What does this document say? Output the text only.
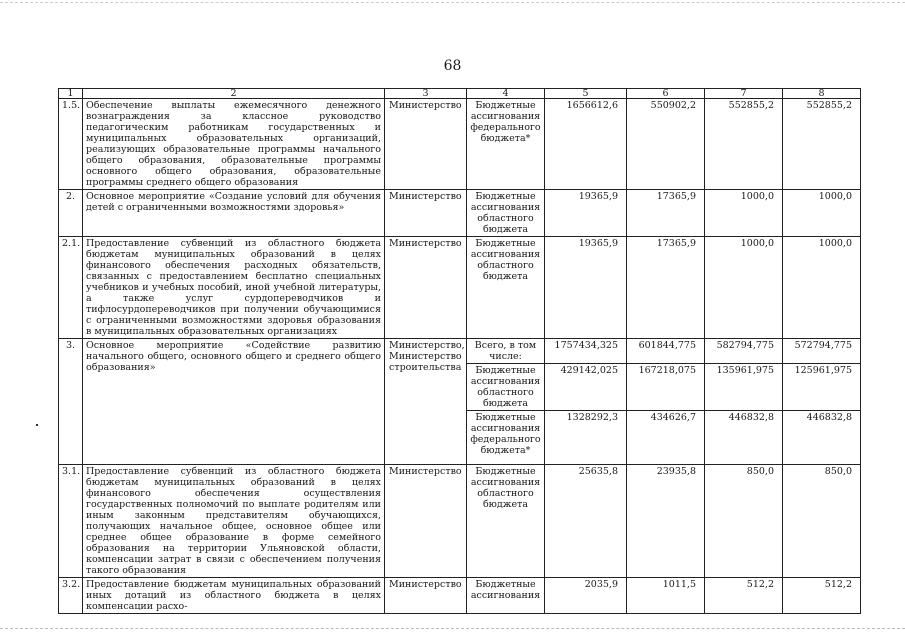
68
1	2	3	4	5	6	7	8
1.5.	Обеспечение выплаты ежемесячного денежного вознаграждения за классное руководство педагогическим работникам государственных и муниципальных образовательных организаций, реализующих образовательные программы начального общего образования, образовательные программы основного общего образования, образовательные программы среднего общего образования	Министерство	Бюджетные ассигнования федерального бюджета*	1656612,6	550902,2	552855,2	552855,2
2.	Основное мероприятие «Создание условий для обучения детей с ограниченными возможностями здоровья»	Министерство	Бюджетные ассигнования областного бюджета	19365,9	17365,9	1000,0	1000,0
2.1.	Предоставление субвенций из областного бюджета бюджетам муниципальных образований в целях финансового обеспечения расходных обязательств, связанных с предоставлением бесплатно специальных учебников и учебных пособий, иной учебной литературы, а также услуг сурдопереводчиков и тифлосурдопереводчиков при получении обучающимися с ограниченными возможностями здоровья образования в муниципальных образовательных организациях	Министерство	Бюджетные ассигнования областного бюджета	19365,9	17365,9	1000,0	1000,0
3.	Основное мероприятие «Содействие развитию начального общего, основного общего и среднего общего образования»	Министерство, Министерство строительства	Всего, в том числе:	1757434,325	601844,775	582794,775	572794,775
			Бюджетные ассигнования областного бюджета	429142,025	167218,075	135961,975	125961,975
			Бюджетные ассигнования федерального бюджета*	1328292,3	434626,7	446832,8	446832,8
3.1.	Предоставление субвенций из областного бюджета бюджетам муниципальных образований в целях финансового обеспечения осуществления государственных полномочий по выплате родителям или иным законным представителям обучающихся, получающих начальное общее, основное общее или среднее общее образование в форме семейного образования на территории Ульяновской области, компенсации затрат в связи с обеспечением получения такого образования	Министерство	Бюджетные ассигнования областного бюджета	25635,8	23935,8	850,0	850,0
3.2.	Предоставление бюджетам муниципальных образований иных дотаций из областного бюджета в целях компенсации расхо-	Министерство	Бюджетные ассигнования	2035,9	1011,5	512,2	512,2
